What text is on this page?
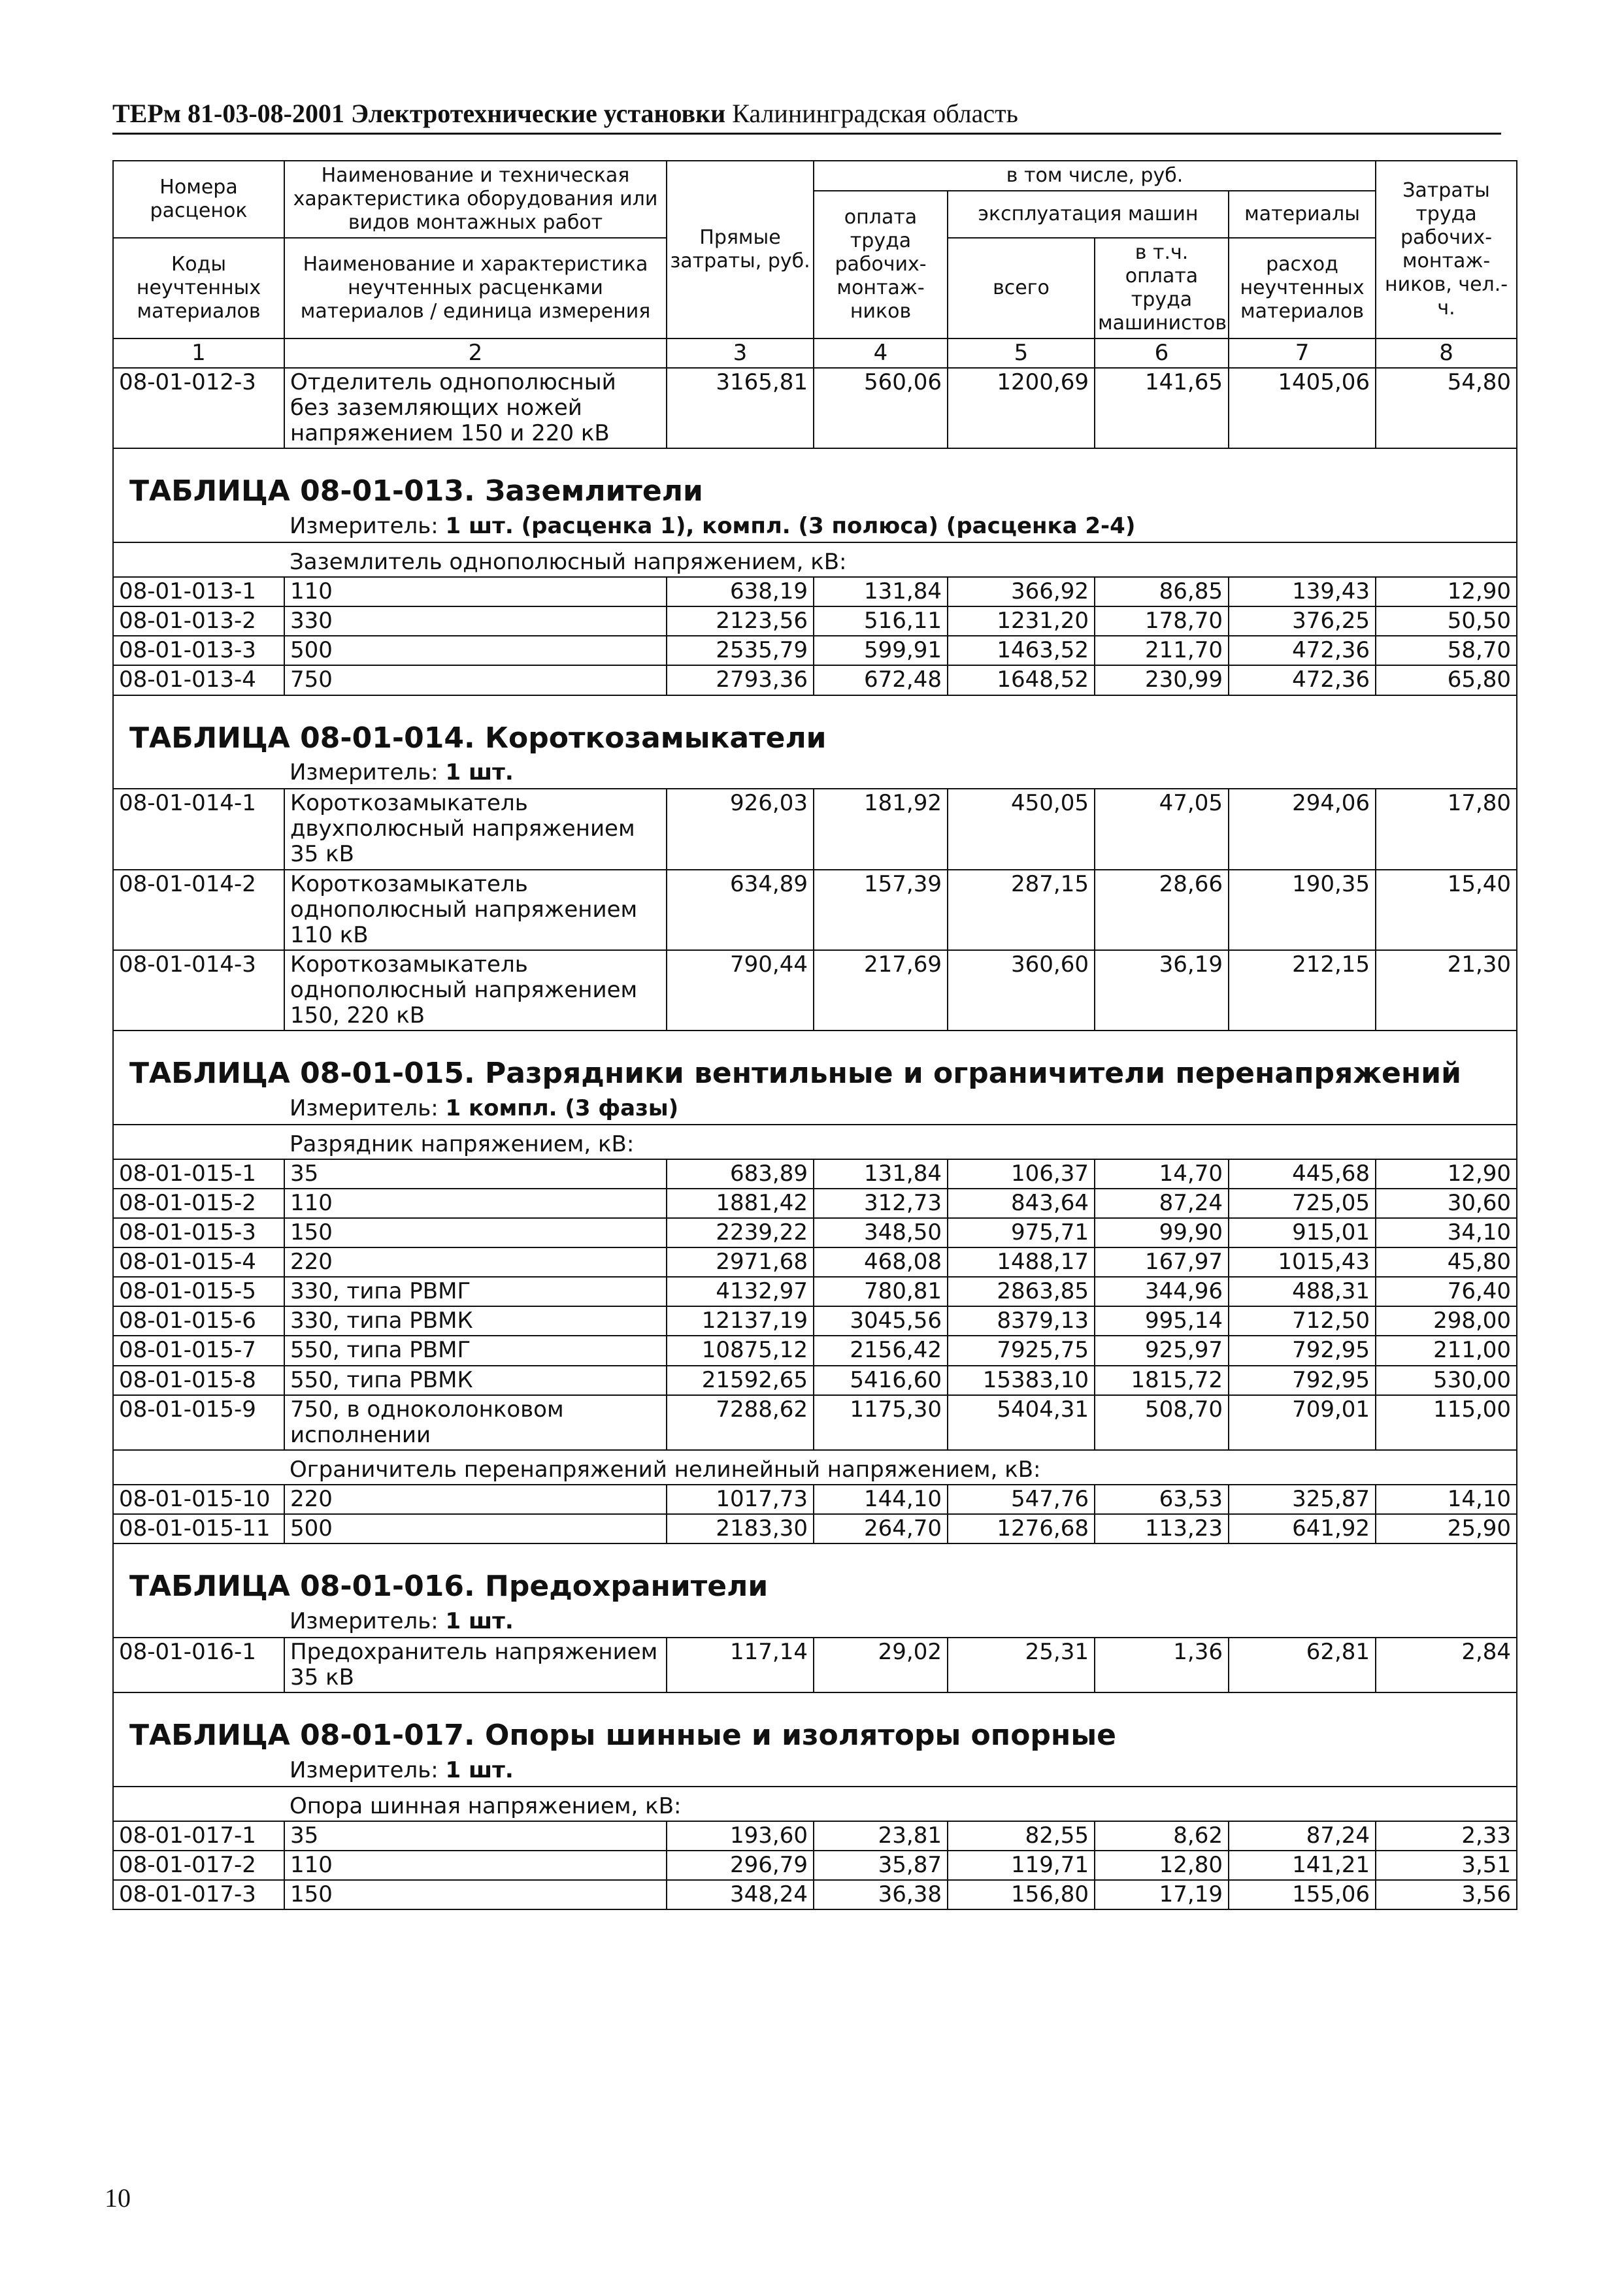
ТЕРм 81-03-08-2001 Электротехнические установки Калининградская область
Номера расценок	Наименование и техническая характеристика оборудования или видов монтажных работ	Прямые затраты, руб.	в том числе, руб.				Затраты труда рабочих-монтаж-ников, чел.-ч.
			оплата труда рабочих-монтаж-ников	эксплуатация машин		материалы	
Коды неучтенных материалов	Наименование и характеристика неучтенных расценками материалов / единица измерения			всего	в т.ч. оплата труда машинистов	расход неучтенных материалов	

1	2	3	4	5	6	7	8
08-01-012-3	Отделитель однополюсный без заземляющих ножей напряжением 150 и 220 кВ	3165,81	560,06	1200,69	141,65	1405,06	54,80
ТАБЛИЦА 08-01-013. Заземлители							
	Измеритель: 1 шт. (расценка 1), компл. (3 полюса) (расценка 2-4)						
	Заземлитель однополюсный напряжением, кВ:						
08-01-013-1	110	638,19	131,84	366,92	86,85	139,43	12,90
08-01-013-2	330	2123,56	516,11	1231,20	178,70	376,25	50,50
08-01-013-3	500	2535,79	599,91	1463,52	211,70	472,36	58,70
08-01-013-4	750	2793,36	672,48	1648,52	230,99	472,36	65,80
ТАБЛИЦА 08-01-014. Короткозамыкатели							
	Измеритель: 1 шт.						
08-01-014-1	Короткозамыкатель двухполюсный напряжением 35 кВ	926,03	181,92	450,05	47,05	294,06	17,80
08-01-014-2	Короткозамыкатель однополюсный напряжением 110 кВ	634,89	157,39	287,15	28,66	190,35	15,40
08-01-014-3	Короткозамыкатель однополюсный напряжением 150, 220 кВ	790,44	217,69	360,60	36,19	212,15	21,30
ТАБЛИЦА 08-01-015. Разрядники вентильные и ограничители перенапряжений							
	Измеритель: 1 компл. (3 фазы)						
	Разрядник напряжением, кВ:						
08-01-015-1	35	683,89	131,84	106,37	14,70	445,68	12,90
08-01-015-2	110	1881,42	312,73	843,64	87,24	725,05	30,60
08-01-015-3	150	2239,22	348,50	975,71	99,90	915,01	34,10
08-01-015-4	220	2971,68	468,08	1488,17	167,97	1015,43	45,80
08-01-015-5	330, типа РВМГ	4132,97	780,81	2863,85	344,96	488,31	76,40
08-01-015-6	330, типа РВМК	12137,19	3045,56	8379,13	995,14	712,50	298,00
08-01-015-7	550, типа РВМГ	10875,12	2156,42	7925,75	925,97	792,95	211,00
08-01-015-8	550, типа РВМК	21592,65	5416,60	15383,10	1815,72	792,95	530,00
08-01-015-9	750, в одноколонковом исполнении	7288,62	1175,30	5404,31	508,70	709,01	115,00
	Ограничитель перенапряжений нелинейный напряжением, кВ:						
08-01-015-10	220	1017,73	144,10	547,76	63,53	325,87	14,10
08-01-015-11	500	2183,30	264,70	1276,68	113,23	641,92	25,90
ТАБЛИЦА 08-01-016. Предохранители							
	Измеритель: 1 шт.						
08-01-016-1	Предохранитель напряжением 35 кВ	117,14	29,02	25,31	1,36	62,81	2,84
ТАБЛИЦА 08-01-017. Опоры шинные и изоляторы опорные							
	Измеритель: 1 шт.						
	Опора шинная напряжением, кВ:						
08-01-017-1	35	193,60	23,81	82,55	8,62	87,24	2,33
08-01-017-2	110	296,79	35,87	119,71	12,80	141,21	3,51
08-01-017-3	150	348,24	36,38	156,80	17,19	155,06	3,56
10
